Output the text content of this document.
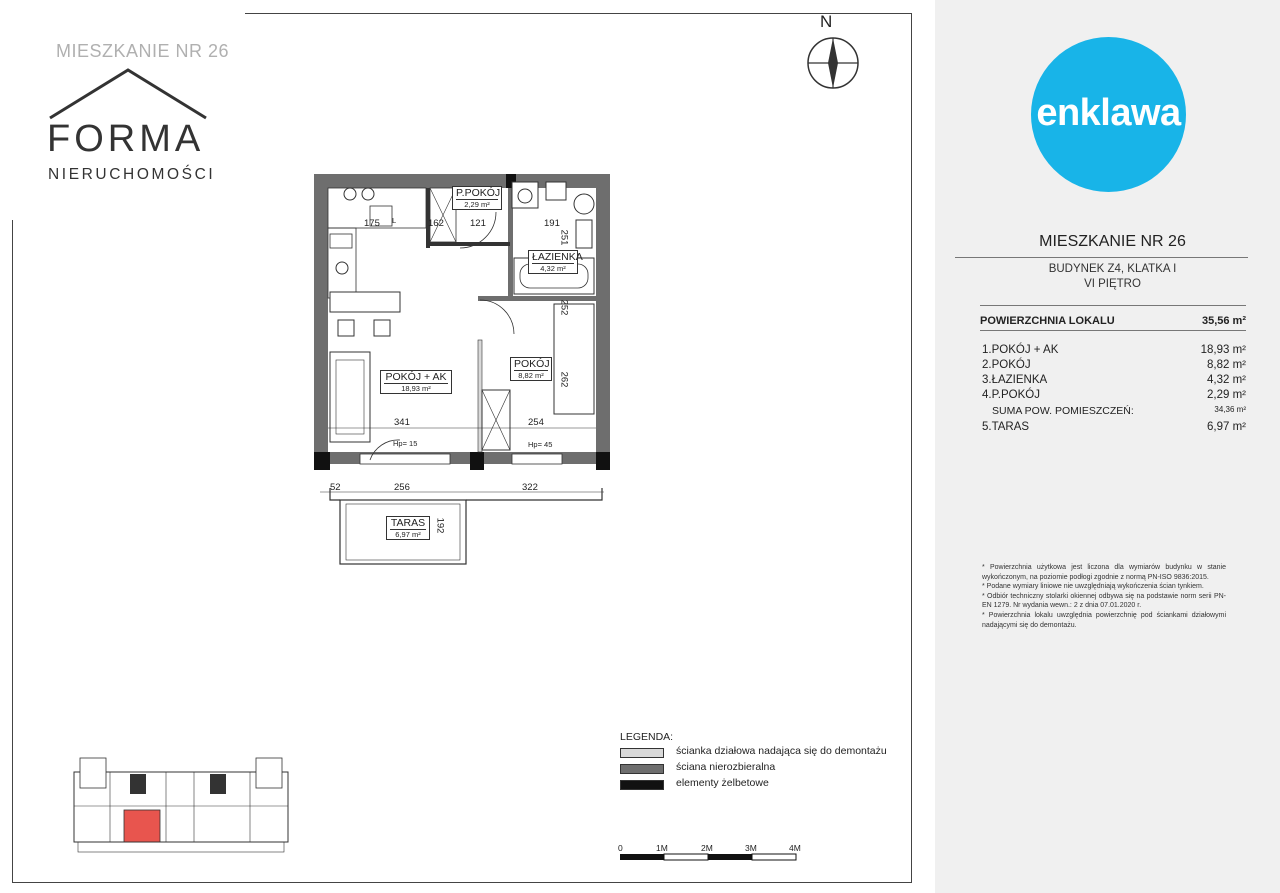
MIESZKANIE NR 26
FORMA
NIERUCHOMOŚCI
N
P.POKÓJ
2,29 m²
ŁAZIENKA
4,32 m²
POKÓJ + AK
18,93 m²
POKÓJ
8,82 m²
TARAS
6,97 m²
341	254
52	256	322
192
191
251
121
162
175
262
252
Hp= 15	Hp= 45
L
LEGENDA:
ścianka działowa nadająca się do demontażu
ściana nierozbieralna
elementy żelbetowe
0	1M	2M	3M	4M
enklawa
MIESZKANIE NR 26
BUDYNEK Z4, KLATKA I
VI PIĘTRO
POWIERZCHNIA LOKALU	35,56 m²
1.POKÓJ + AK	18,93 m²
2.POKÓJ	8,82 m²
3.ŁAZIENKA	4,32 m²
4.P.POKÓJ	2,29 m²
SUMA POW. POMIESZCZEŃ:	34,36 m²
5.TARAS	6,97 m²
* Powierzchnia użytkowa jest liczona dla wymiarów budynku w stanie wykończonym, na poziomie podłogi zgodnie z normą PN-ISO 9836:2015.
* Podane wymiary liniowe nie uwzględniają wykończenia ścian tynkiem.
* Odbiór techniczny stolarki okiennej odbywa się na podstawie norm serii PN-EN 1279. Nr wydania wewn.: 2 z dnia 07.01.2020 r.
* Powierzchnia lokalu uwzględnia powierzchnię pod ściankami działowymi nadającymi się do demontażu.
